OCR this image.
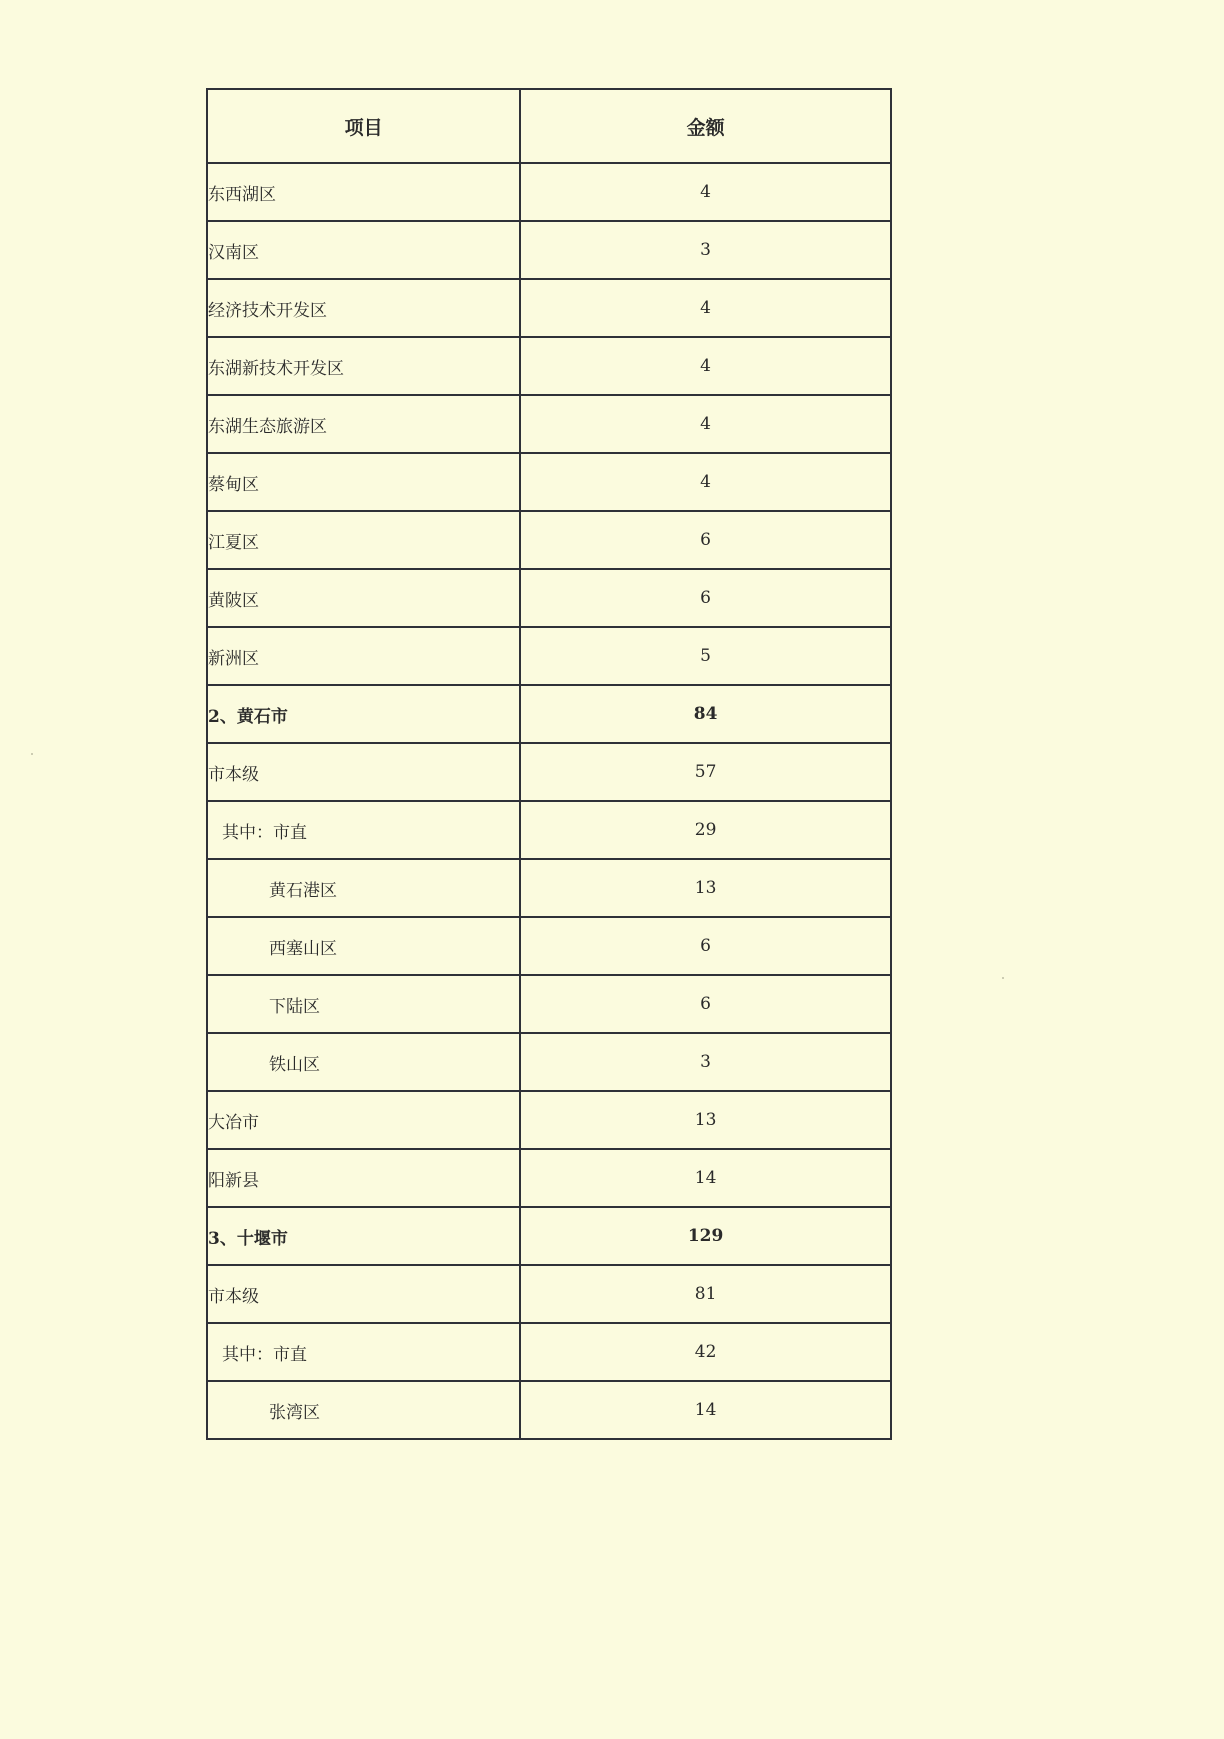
项目	金额
东西湖区	4
汉南区	3
经济技术开发区	4
东湖新技术开发区	4
东湖生态旅游区	4
蔡甸区	4
江夏区	6
黄陂区	6
新洲区	5
2、黄石市	84
市本级	57
其中：市直	29
黄石港区	13
西塞山区	6
下陆区	6
铁山区	3
大冶市	13
阳新县	14
3、十堰市	129
市本级	81
其中：市直	42
张湾区	14
